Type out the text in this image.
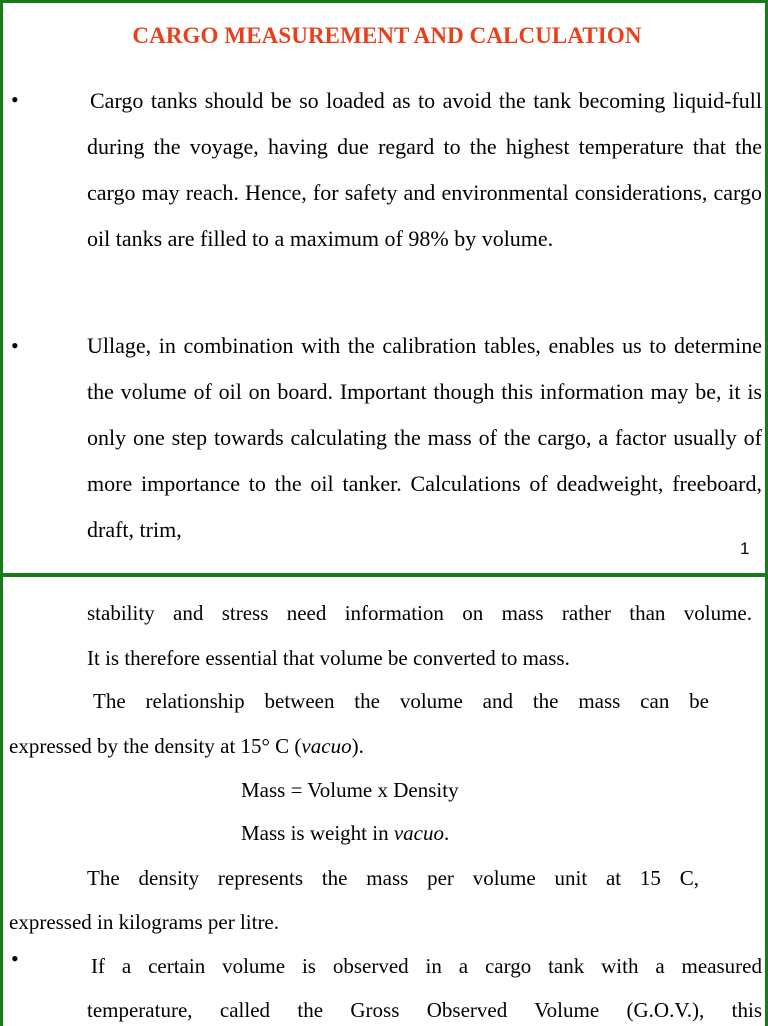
CARGO MEASUREMENT AND CALCULATION
•	Cargo tanks should be so loaded as to avoid the tank becoming liquid-full during the voyage, having due regard to the highest temperature that the cargo may reach. Hence, for safety and environmental considerations, cargo oil tanks are filled to a maximum of 98% by volume.
•	Ullage, in combination with the calibration tables, enables us to determine the volume of oil on board. Important though this information may be, it is only one step towards calculating the mass of the cargo, a factor usually of more importance to the oil tanker. Calculations of deadweight, freeboard, draft, trim,
1
stability and stress need information on mass rather than volume.
It is therefore essential that volume be converted to mass.
The relationship between the volume and the mass can be
expressed by the density at 15° C (vacuo).
Mass = Volume x Density
Mass is weight in vacuo.
The density represents the mass per volume unit at 15 C,
expressed in kilograms per litre.
•	If a certain volume is observed in a cargo tank with a measured
temperature, called the Gross Observed Volume (G.O.V.), this
